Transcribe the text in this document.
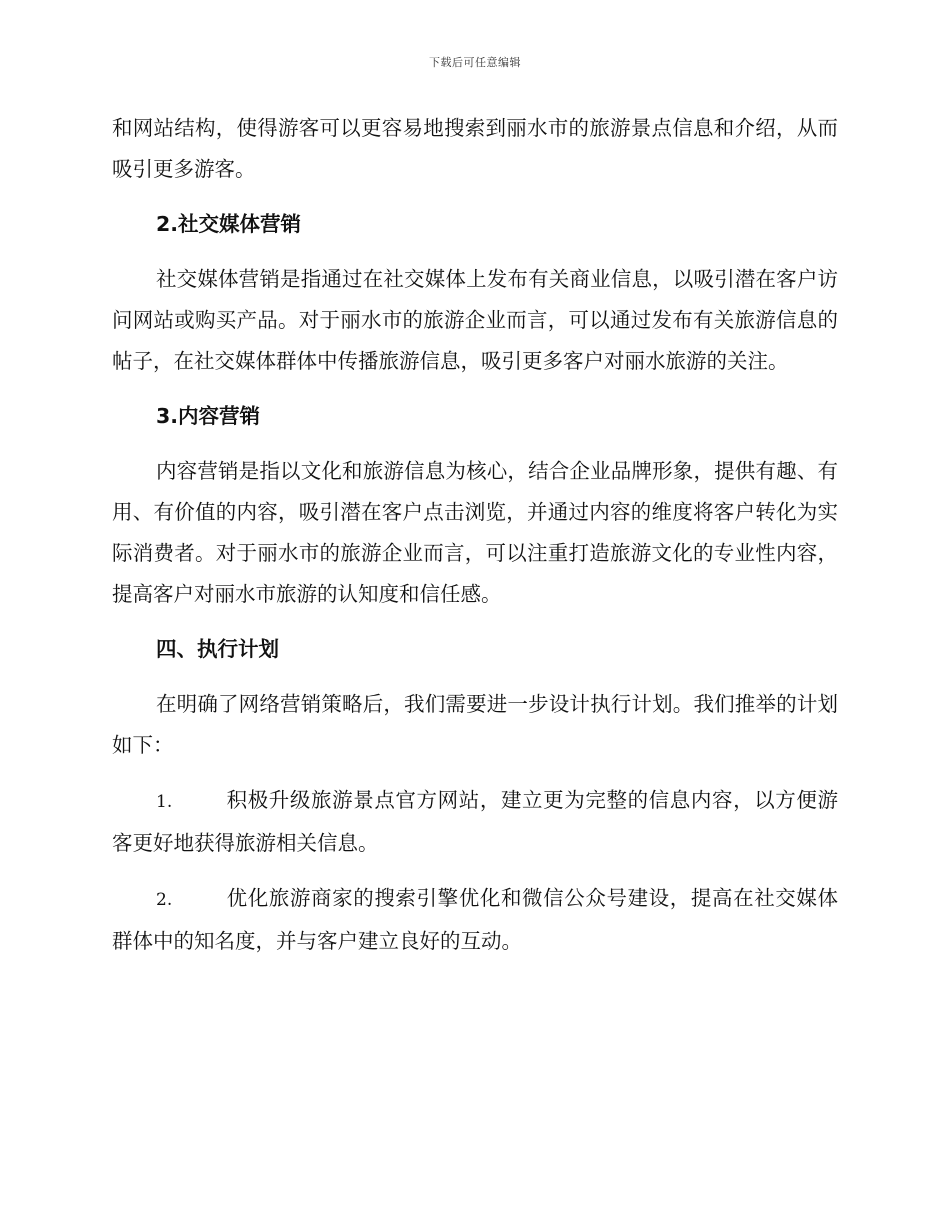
下载后可任意编辑

和网站结构，使得游客可以更容易地搜索到丽水市的旅游景点信息和介绍，从而吸引更多游客。

2.社交媒体营销

社交媒体营销是指通过在社交媒体上发布有关商业信息，以吸引潜在客户访问网站或购买产品。对于丽水市的旅游企业而言，可以通过发布有关旅游信息的帖子，在社交媒体群体中传播旅游信息，吸引更多客户对丽水旅游的关注。

3.内容营销

内容营销是指以文化和旅游信息为核心，结合企业品牌形象，提供有趣、有用、有价值的内容，吸引潜在客户点击浏览，并通过内容的维度将客户转化为实际消费者。对于丽水市的旅游企业而言，可以注重打造旅游文化的专业性内容，提高客户对丽水市旅游的认知度和信任感。

四、执行计划

在明确了网络营销策略后，我们需要进一步设计执行计划。我们推举的计划如下：

1.	积极升级旅游景点官方网站，建立更为完整的信息内容，以方便游客更好地获得旅游相关信息。

2.	优化旅游商家的搜索引擎优化和微信公众号建设，提高在社交媒体群体中的知名度，并与客户建立良好的互动。
